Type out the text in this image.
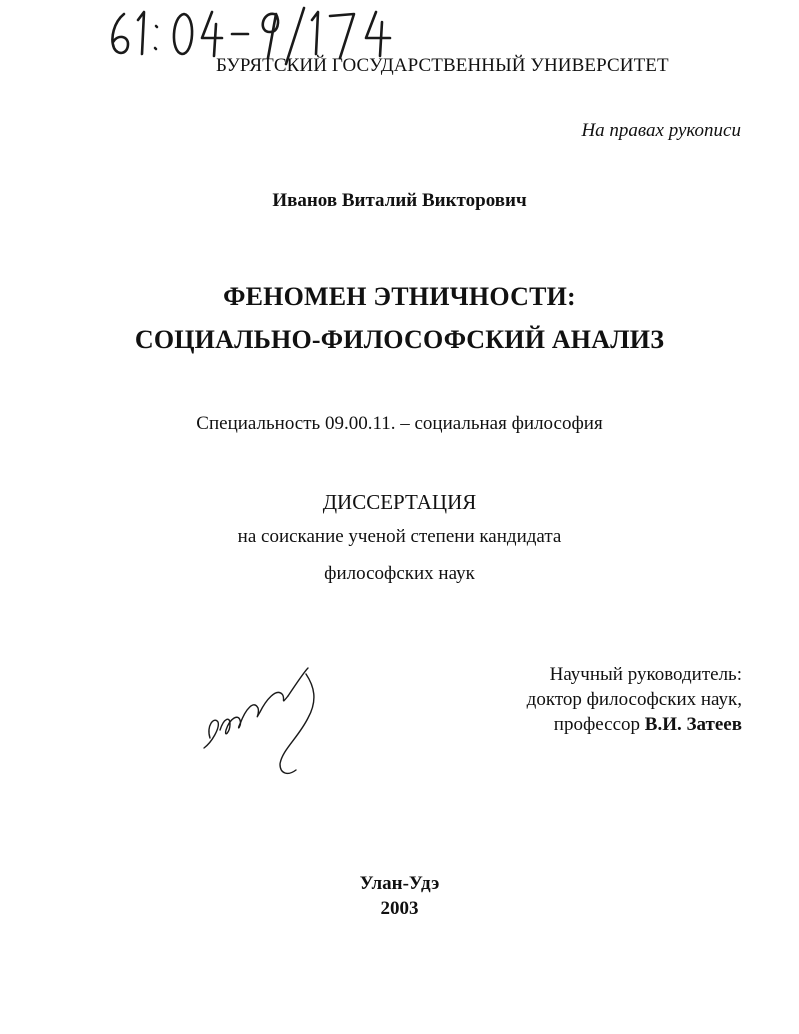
БУРЯТСКИЙ ГОСУДАРСТВЕННЫЙ УНИВЕРСИТЕТ
На правах рукописи
Иванов Виталий Викторович
ФЕНОМЕН ЭТНИЧНОСТИ:
СОЦИАЛЬНО-ФИЛОСОФСКИЙ АНАЛИЗ
Специальность 09.00.11. – социальная философия
ДИССЕРТАЦИЯ
на соискание ученой степени кандидата
философских наук
Научный руководитель:
доктор философских наук,
профессор В.И. Затеев
Улан-Удэ
2003
